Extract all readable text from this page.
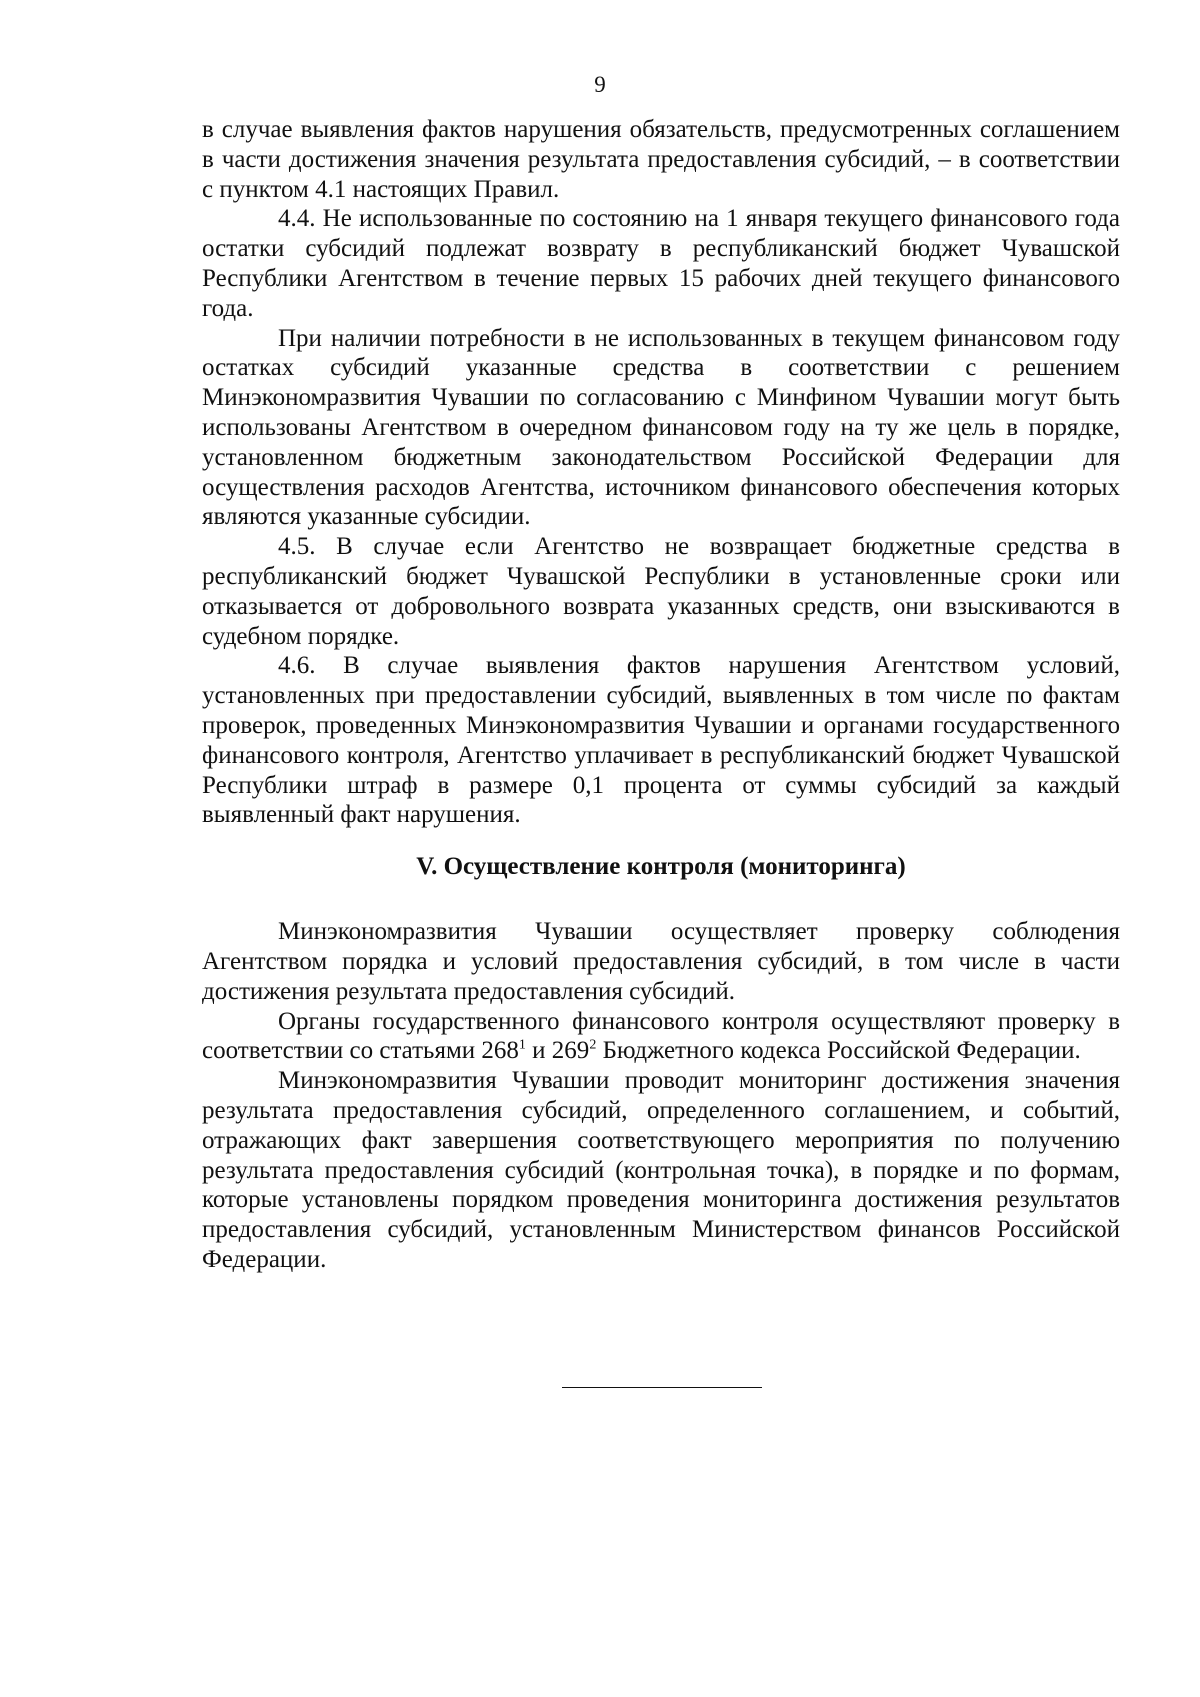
9

в случае выявления фактов нарушения обязательств, предусмотренных соглашением в части достижения значения результата предоставления субсидий, – в соответствии с пунктом 4.1 настоящих Правил.

4.4. Не использованные по состоянию на 1 января текущего финансового года остатки субсидий подлежат возврату в республиканский бюджет Чувашской Республики Агентством в течение первых 15 рабочих дней текущего финансового года.

При наличии потребности в не использованных в текущем финансовом году остатках субсидий указанные средства в соответствии с решением Минэкономразвития Чувашии по согласованию с Минфином Чувашии могут быть использованы Агентством в очередном финансовом году на ту же цель в порядке, установленном бюджетным законодательством Российской Федерации для осуществления расходов Агентства, источником финансового обеспечения которых являются указанные субсидии.

4.5. В случае если Агентство не возвращает бюджетные средства в республиканский бюджет Чувашской Республики в установленные сроки или отказывается от добровольного возврата указанных средств, они взыскиваются в судебном порядке.

4.6. В случае выявления фактов нарушения Агентством условий, установленных при предоставлении субсидий, выявленных в том числе по фактам проверок, проведенных Минэкономразвития Чувашии и органами государственного финансового контроля, Агентство уплачивает в республиканский бюджет Чувашской Республики штраф в размере 0,1 процента от суммы субсидий за каждый выявленный факт нарушения.

V. Осуществление контроля (мониторинга)

Минэкономразвития Чувашии осуществляет проверку соблюдения Агентством порядка и условий предоставления субсидий, в том числе в части достижения результата предоставления субсидий.

Органы государственного финансового контроля осуществляют проверку в соответствии со статьями $268^1$ и $269^2$ Бюджетного кодекса Российской Федерации.

Минэкономразвития Чувашии проводит мониторинг достижения значения результата предоставления субсидий, определенного соглашением, и событий, отражающих факт завершения соответствующего мероприятия по получению результата предоставления субсидий (контрольная точка), в порядке и по формам, которые установлены порядком проведения мониторинга достижения результатов предоставления субсидий, установленным Министерством финансов Российской Федерации.
